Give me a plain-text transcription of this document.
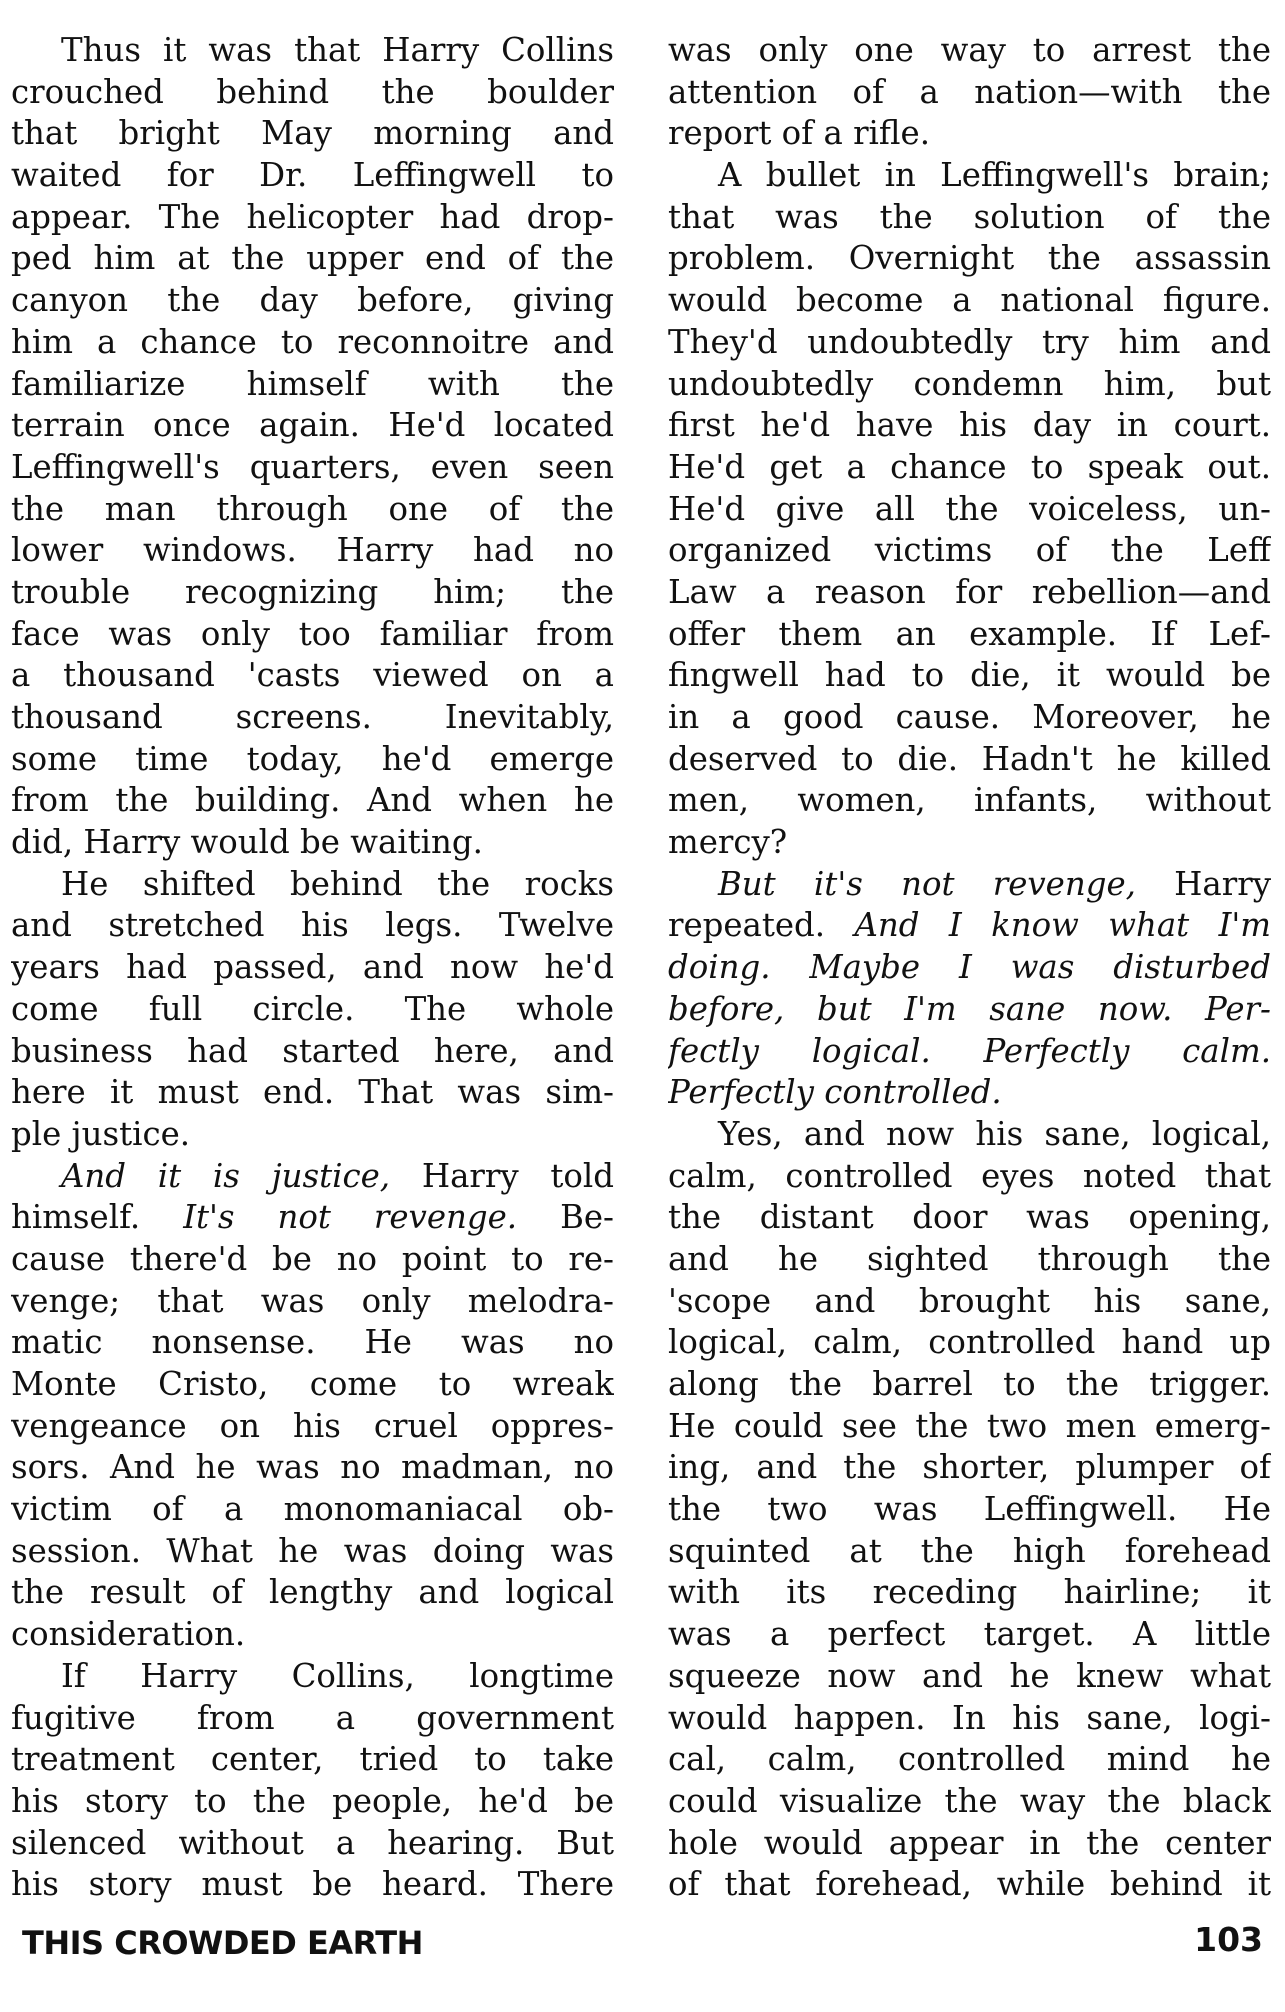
Thus it was that Harry Collins
crouched behind the boulder
that bright May morning and
waited for Dr. Leffingwell to
appear. The helicopter had drop-
ped him at the upper end of the
canyon the day before, giving
him a chance to reconnoitre and
familiarize himself with the
terrain once again. He'd located
Leffingwell's quarters, even seen
the man through one of the
lower windows. Harry had no
trouble recognizing him; the
face was only too familiar from
a thousand 'casts viewed on a
thousand screens. Inevitably,
some time today, he'd emerge
from the building. And when he
did, Harry would be waiting.
He shifted behind the rocks
and stretched his legs. Twelve
years had passed, and now he'd
come full circle. The whole
business had started here, and
here it must end. That was sim-
ple justice.
And it is justice, Harry told
himself. It's not revenge. Be-
cause there'd be no point to re-
venge; that was only melodra-
matic nonsense. He was no
Monte Cristo, come to wreak
vengeance on his cruel oppres-
sors. And he was no madman, no
victim of a monomaniacal ob-
session. What he was doing was
the result of lengthy and logical
consideration.
If Harry Collins, longtime
fugitive from a government
treatment center, tried to take
his story to the people, he'd be
silenced without a hearing. But
his story must be heard. There
was only one way to arrest the
attention of a nation—with the
report of a rifle.
A bullet in Leffingwell's brain;
that was the solution of the
problem. Overnight the assassin
would become a national figure.
They'd undoubtedly try him and
undoubtedly condemn him, but
first he'd have his day in court.
He'd get a chance to speak out.
He'd give all the voiceless, un-
organized victims of the Leff
Law a reason for rebellion—and
offer them an example. If Lef-
fingwell had to die, it would be
in a good cause. Moreover, he
deserved to die. Hadn't he killed
men, women, infants, without
mercy?
But it's not revenge, Harry
repeated. And I know what I'm
doing. Maybe I was disturbed
before, but I'm sane now. Per-
fectly logical. Perfectly calm.
Perfectly controlled.
Yes, and now his sane, logical,
calm, controlled eyes noted that
the distant door was opening,
and he sighted through the
'scope and brought his sane,
logical, calm, controlled hand up
along the barrel to the trigger.
He could see the two men emerg-
ing, and the shorter, plumper of
the two was Leffingwell. He
squinted at the high forehead
with its receding hairline; it
was a perfect target. A little
squeeze now and he knew what
would happen. In his sane, logi-
cal, calm, controlled mind he
could visualize the way the black
hole would appear in the center
of that forehead, while behind it
THIS CROWDED EARTH	103
